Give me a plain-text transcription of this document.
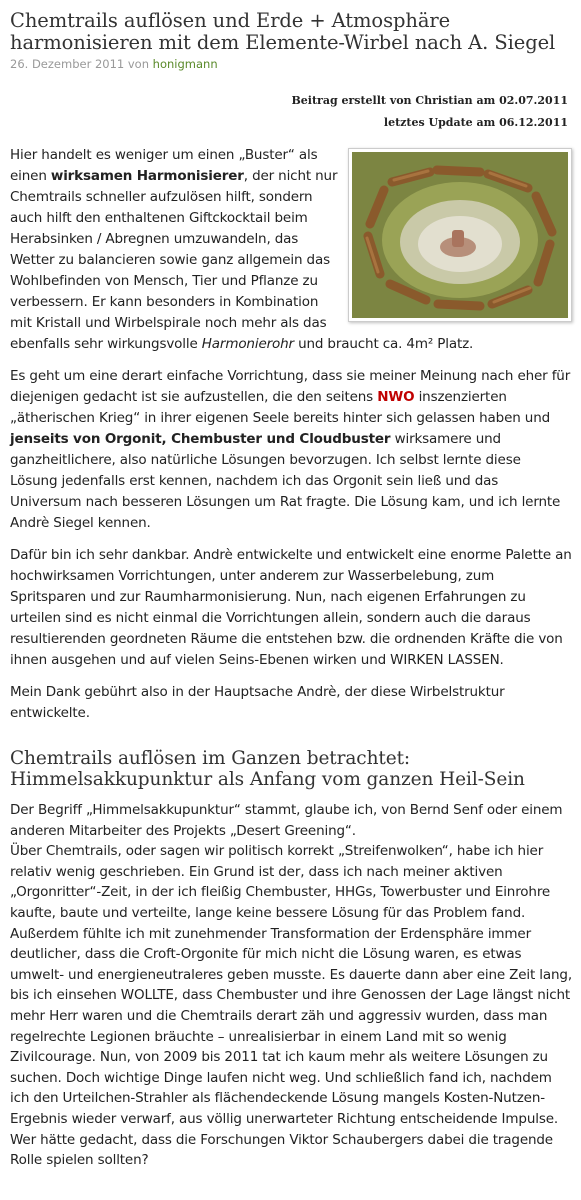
Chemtrails auflösen und Erde + Atmosphäre harmonisieren mit dem Elemente-Wirbel nach A. Siegel
26. Dezember 2011 von honigmann
Beitrag erstellt von Christian am 02.07.2011
letztes Update am 06.12.2011

Hier handelt es weniger um einen „Buster“ als einen wirksamen Harmonisierer, der nicht nur Chemtrails schneller aufzulösen hilft, sondern auch hilft den enthaltenen Giftckocktail beim Herabsinken / Abregnen umzuwandeln, das Wetter zu balancieren sowie ganz allgemein das Wohlbefinden von Mensch, Tier und Pflanze zu verbessern. Er kann besonders in Kombination mit Kristall und Wirbelspirale noch mehr als das ebenfalls sehr wirkungsvolle Harmonierohr und braucht ca. 4m² Platz.

Es geht um eine derart einfache Vorrichtung, dass sie meiner Meinung nach eher für diejenigen gedacht ist sie aufzustellen, die den seitens NWO inszenzierten „ätherischen Krieg“ in ihrer eigenen Seele bereits hinter sich gelassen haben und jenseits von Orgonit, Chembuster und Cloudbuster wirksamere und ganzheitlichere, also natürliche Lösungen bevorzugen. Ich selbst lernte diese Lösung jedenfalls erst kennen, nachdem ich das Orgonit sein ließ und das Universum nach besseren Lösungen um Rat fragte. Die Lösung kam, und ich lernte Andrè Siegel kennen.

Dafür bin ich sehr dankbar. Andrè entwickelte und entwickelt eine enorme Palette an hochwirksamen Vorrichtungen, unter anderem zur Wasserbelebung, zum Spritsparen und zur Raumharmonisierung. Nun, nach eigenen Erfahrungen zu urteilen sind es nicht einmal die Vorrichtungen allein, sondern auch die daraus resultierenden geordneten Räume die entstehen bzw. die ordnenden Kräfte die von ihnen ausgehen und auf vielen Seins-Ebenen wirken und WIRKEN LASSEN.

Mein Dank gebührt also in der Hauptsache Andrè, der diese Wirbelstruktur entwickelte.

Chemtrails auflösen im Ganzen betrachtet: Himmelsakkupunktur als Anfang vom ganzen Heil-Sein

Der Begriff „Himmelsakkupunktur“ stammt, glaube ich, von Bernd Senf oder einem anderen Mitarbeiter des Projekts „Desert Greening“.

Über Chemtrails, oder sagen wir politisch korrekt „Streifenwolken“, habe ich hier relativ wenig geschrieben. Ein Grund ist der, dass ich nach meiner aktiven „Orgonritter“-Zeit, in der ich fleißig Chembuster, HHGs, Towerbuster und Einrohre kaufte, baute und verteilte, lange keine bessere Lösung für das Problem fand. Außerdem fühlte ich mit zunehmender Transformation der Erdensphäre immer deutlicher, dass die Croft-Orgonite für mich nicht die Lösung waren, es etwas umwelt- und energieneutraleres geben musste. Es dauerte dann aber eine Zeit lang, bis ich einsehen WOLLTE, dass Chembuster und ihre Genossen der Lage längst nicht mehr Herr waren und die Chemtrails derart zäh und aggressiv wurden, dass man regelrechte Legionen bräuchte – unrealisierbar in einem Land mit so wenig Zivilcourage. Nun, von 2009 bis 2011 tat ich kaum mehr als weitere Lösungen zu suchen. Doch wichtige Dinge laufen nicht weg. Und schließlich fand ich, nachdem ich den Urteilchen-Strahler als flächendeckende Lösung mangels Kosten-Nutzen-Ergebnis wieder verwarf, aus völlig unerwarteter Richtung entscheidende Impulse. Wer hätte gedacht, dass die Forschungen Viktor Schaubergers dabei die tragende Rolle spielen sollten?
